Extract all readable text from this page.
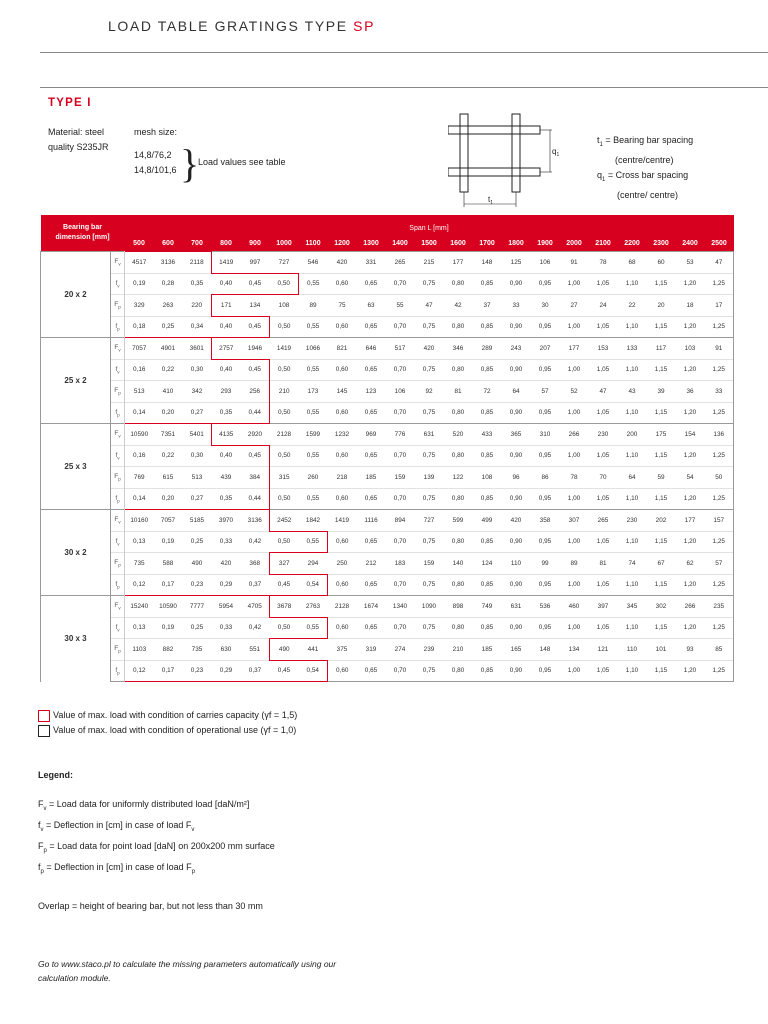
LOAD TABLE GRATINGS TYPE SP
TYPE I
Material: steel
quality S235JR
mesh size:
14,8/76,2
14,8/101,6 }
Load values see table
$q_1$
$t_1$
$t_1$ = Bearing bar spacing
(centre/centre)
$q_1$ = Cross bar spacing
(centre/ centre)
Bearing bar dimension [mm]		Span L [mm]																				
		500	600	700	800	900	1000	1100	1200	1300	1400	1500	1600	1700	1800	1900	2000	2100	2200	2300	2400	2500
20 x 2	$F_v$	4517	3136	2118	1419	997	727	546	420	331	265	215	177	148	125	106	91	78	68	60	53	47
	$f_v$	0,19	0,28	0,35	0,40	0,45	0,50	0,55	0,60	0,65	0,70	0,75	0,80	0,85	0,90	0,95	1,00	1,05	1,10	1,15	1,20	1,25
	$F_p$	329	263	220	171	134	108	89	75	63	55	47	42	37	33	30	27	24	22	20	18	17
	$f_p$	0,18	0,25	0,34	0,40	0,45	0,50	0,55	0,60	0,65	0,70	0,75	0,80	0,85	0,90	0,95	1,00	1,05	1,10	1,15	1,20	1,25
25 x 2	$F_v$	7057	4901	3601	2757	1946	1419	1066	821	646	517	420	346	289	243	207	177	153	133	117	103	91
	$f_v$	0,16	0,22	0,30	0,40	0,45	0,50	0,55	0,60	0,65	0,70	0,75	0,80	0,85	0,90	0,95	1,00	1,05	1,10	1,15	1,20	1,25
	$F_p$	513	410	342	293	256	210	173	145	123	106	92	81	72	64	57	52	47	43	39	36	33
	$f_p$	0,14	0,20	0,27	0,35	0,44	0,50	0,55	0,60	0,65	0,70	0,75	0,80	0,85	0,90	0,95	1,00	1,05	1,10	1,15	1,20	1,25
25 x 3	$F_v$	10590	7351	5401	4135	2920	2128	1599	1232	969	776	631	520	433	365	310	266	230	200	175	154	136
	$f_v$	0,16	0,22	0,30	0,40	0,45	0,50	0,55	0,60	0,65	0,70	0,75	0,80	0,85	0,90	0,95	1,00	1,05	1,10	1,15	1,20	1,25
	$F_p$	769	615	513	439	384	315	260	218	185	159	139	122	108	96	86	78	70	64	59	54	50
	$f_p$	0,14	0,20	0,27	0,35	0,44	0,50	0,55	0,60	0,65	0,70	0,75	0,80	0,85	0,90	0,95	1,00	1,05	1,10	1,15	1,20	1,25
30 x 2	$F_v$	10160	7057	5185	3970	3136	2452	1842	1419	1116	894	727	599	499	420	358	307	265	230	202	177	157
	$f_v$	0,13	0,19	0,25	0,33	0,42	0,50	0,55	0,60	0,65	0,70	0,75	0,80	0,85	0,90	0,95	1,00	1,05	1,10	1,15	1,20	1,25
	$F_p$	735	588	490	420	368	327	294	250	212	183	159	140	124	110	99	89	81	74	67	62	57
	$f_p$	0,12	0,17	0,23	0,29	0,37	0,45	0,54	0,60	0,65	0,70	0,75	0,80	0,85	0,90	0,95	1,00	1,05	1,10	1,15	1,20	1,25
30 x 3	$F_v$	15240	10590	7777	5954	4705	3678	2763	2128	1674	1340	1090	898	749	631	536	460	397	345	302	266	235
	$f_v$	0,13	0,19	0,25	0,33	0,42	0,50	0,55	0,60	0,65	0,70	0,75	0,80	0,85	0,90	0,95	1,00	1,05	1,10	1,15	1,20	1,25
	$F_p$	1103	882	735	630	551	490	441	375	319	274	239	210	185	165	148	134	121	110	101	93	85
	$f_p$	0,12	0,17	0,23	0,29	0,37	0,45	0,54	0,60	0,65	0,70	0,75	0,80	0,85	0,90	0,95	1,00	1,05	1,10	1,15	1,20	1,25
Value of max. load with condition of carries capacity (γf = 1,5)
Value of max. load with condition of operational use (γf = 1,0)
Legend:
$F_v$ = Load data for uniformly distributed load [daN/m²]
$f_v$ = Deflection in [cm] in case of load $F_v$
$F_p$ = Load data for point load [daN] on 200x200 mm surface
$f_p$ = Deflection in [cm] in case of load $F_p$
Overlap = height of bearing bar, but not less than 30 mm
Go to www.staco.pl to calculate the missing parameters automatically using our calculation module.
